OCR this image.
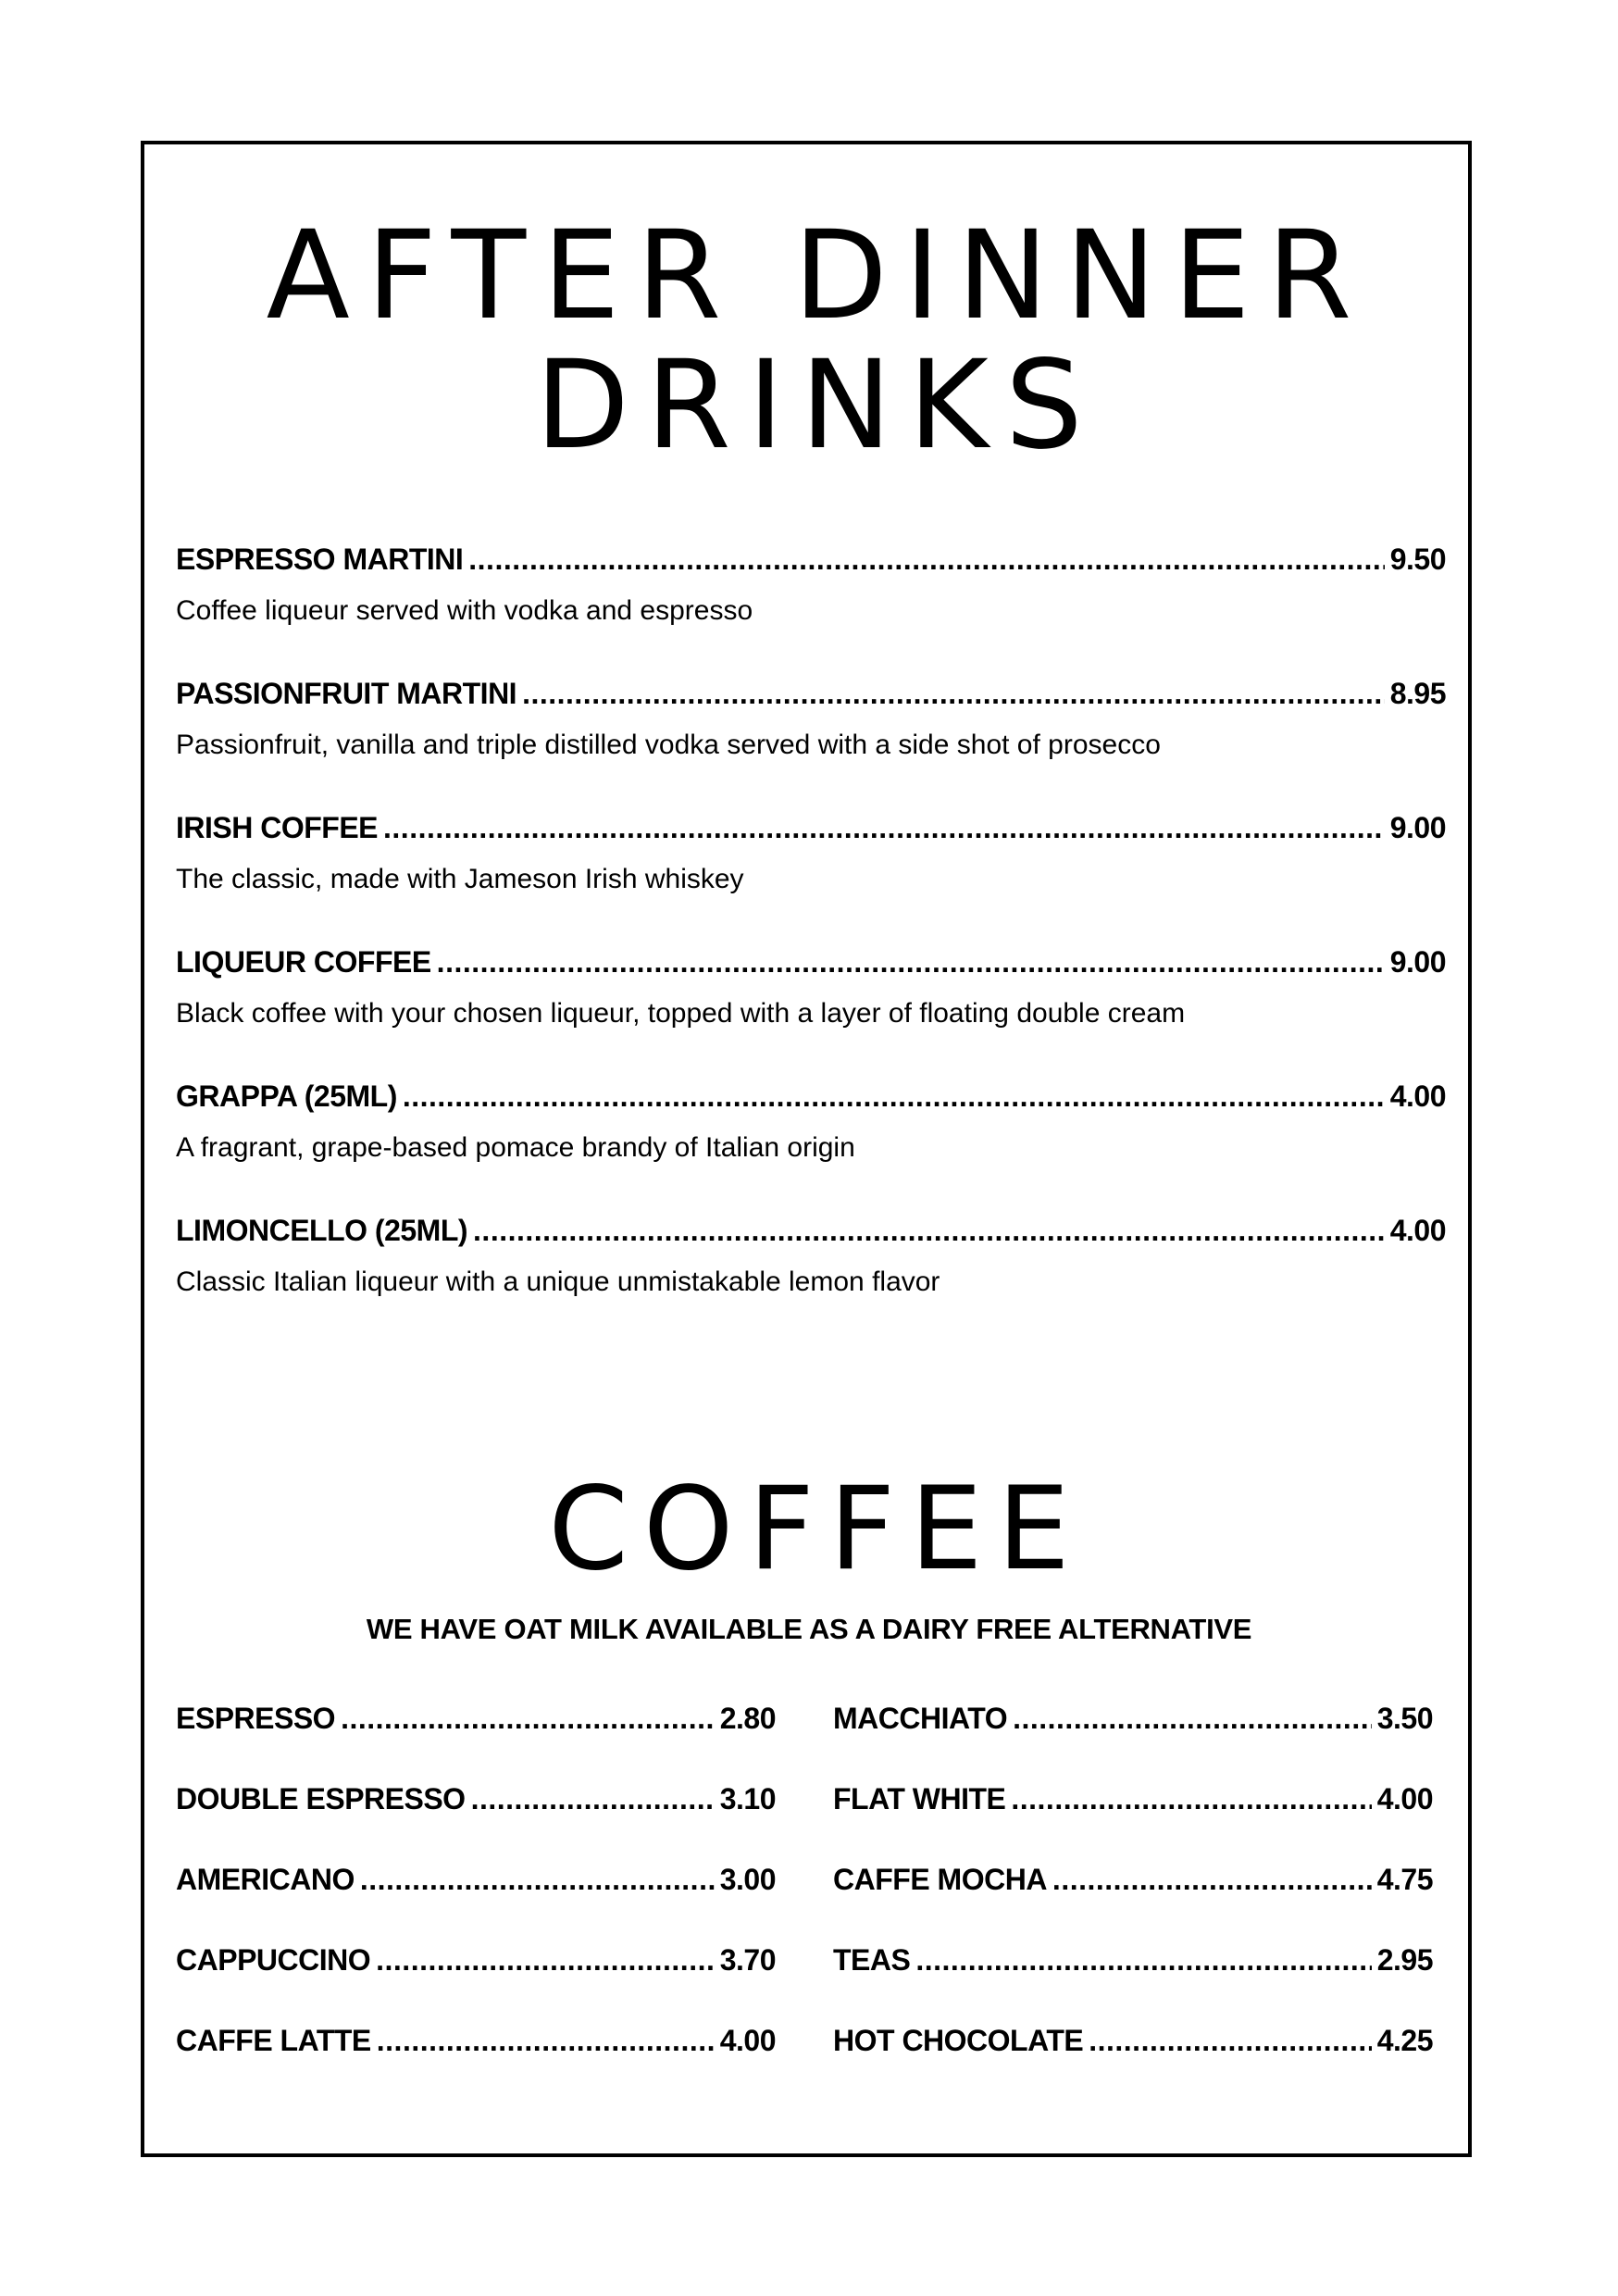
AFTER DINNER
DRINKS
ESPRESSO MARTINI .....	9.50
Coffee liqueur served with vodka and espresso
PASSIONFRUIT MARTINI .....	8.95
Passionfruit, vanilla and triple distilled vodka served with a side shot of prosecco
IRISH COFFEE .....	9.00
The classic, made with Jameson Irish whiskey
LIQUEUR COFFEE .....	9.00
Black coffee with your chosen liqueur, topped with a layer of floating double cream
GRAPPA (25ML) .....	4.00
A fragrant, grape-based pomace brandy of Italian origin
LIMONCELLO (25ML) .....	4.00
Classic Italian liqueur with a unique unmistakable lemon flavor
COFFEE
WE HAVE OAT MILK AVAILABLE AS A DAIRY FREE ALTERNATIVE
ESPRESSO .....	2.80
DOUBLE ESPRESSO .....	3.10
AMERICANO .....	3.00
CAPPUCCINO .....	3.70
CAFFE LATTE .....	4.00
MACCHIATO .....	3.50
FLAT WHITE .....	4.00
CAFFE MOCHA .....	4.75
TEAS .....	2.95
HOT CHOCOLATE .....	4.25
